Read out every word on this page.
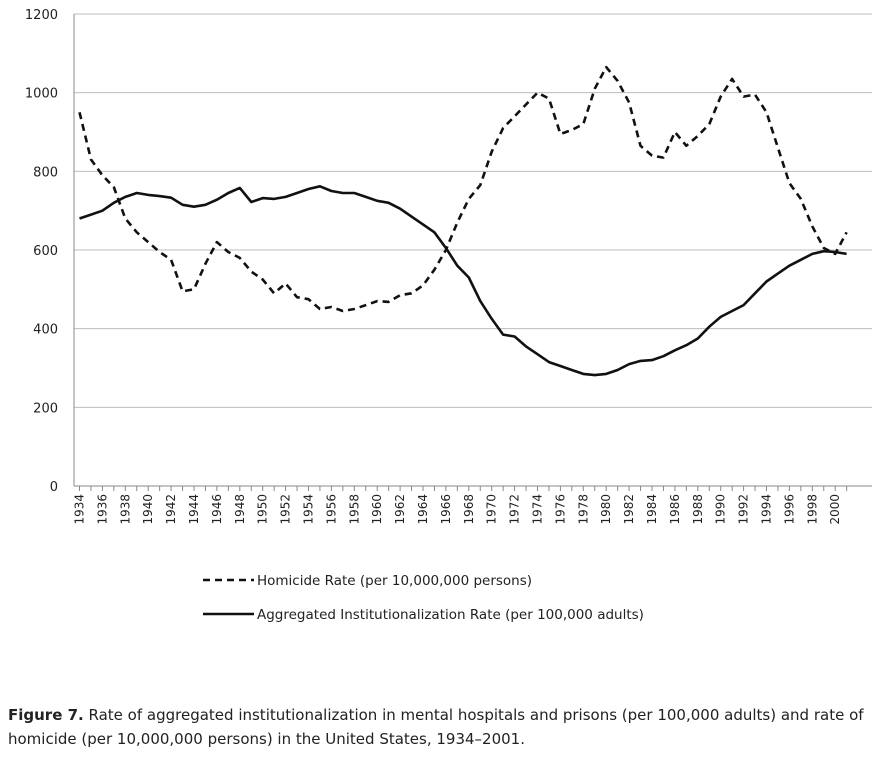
0
200
400
600
800
1000
1200
1934 1936 1938 1940 1942 1944 1946 1948 1950 1952 1954 1956 1958 1960 1962 1964 1966 1968 1970 1972 1974 1976 1978 1980 1982 1984 1986 1988 1990 1992 1994 1996 1998 2000
Homicide Rate (per 10,000,000 persons)
Aggregated Institutionalization Rate (per 100,000 adults)
Figure 7. Rate of aggregated institutionalization in mental hospitals and prisons (per 100,000 adults) and rate of homicide (per 10,000,000 persons) in the United States, 1934–2001.
